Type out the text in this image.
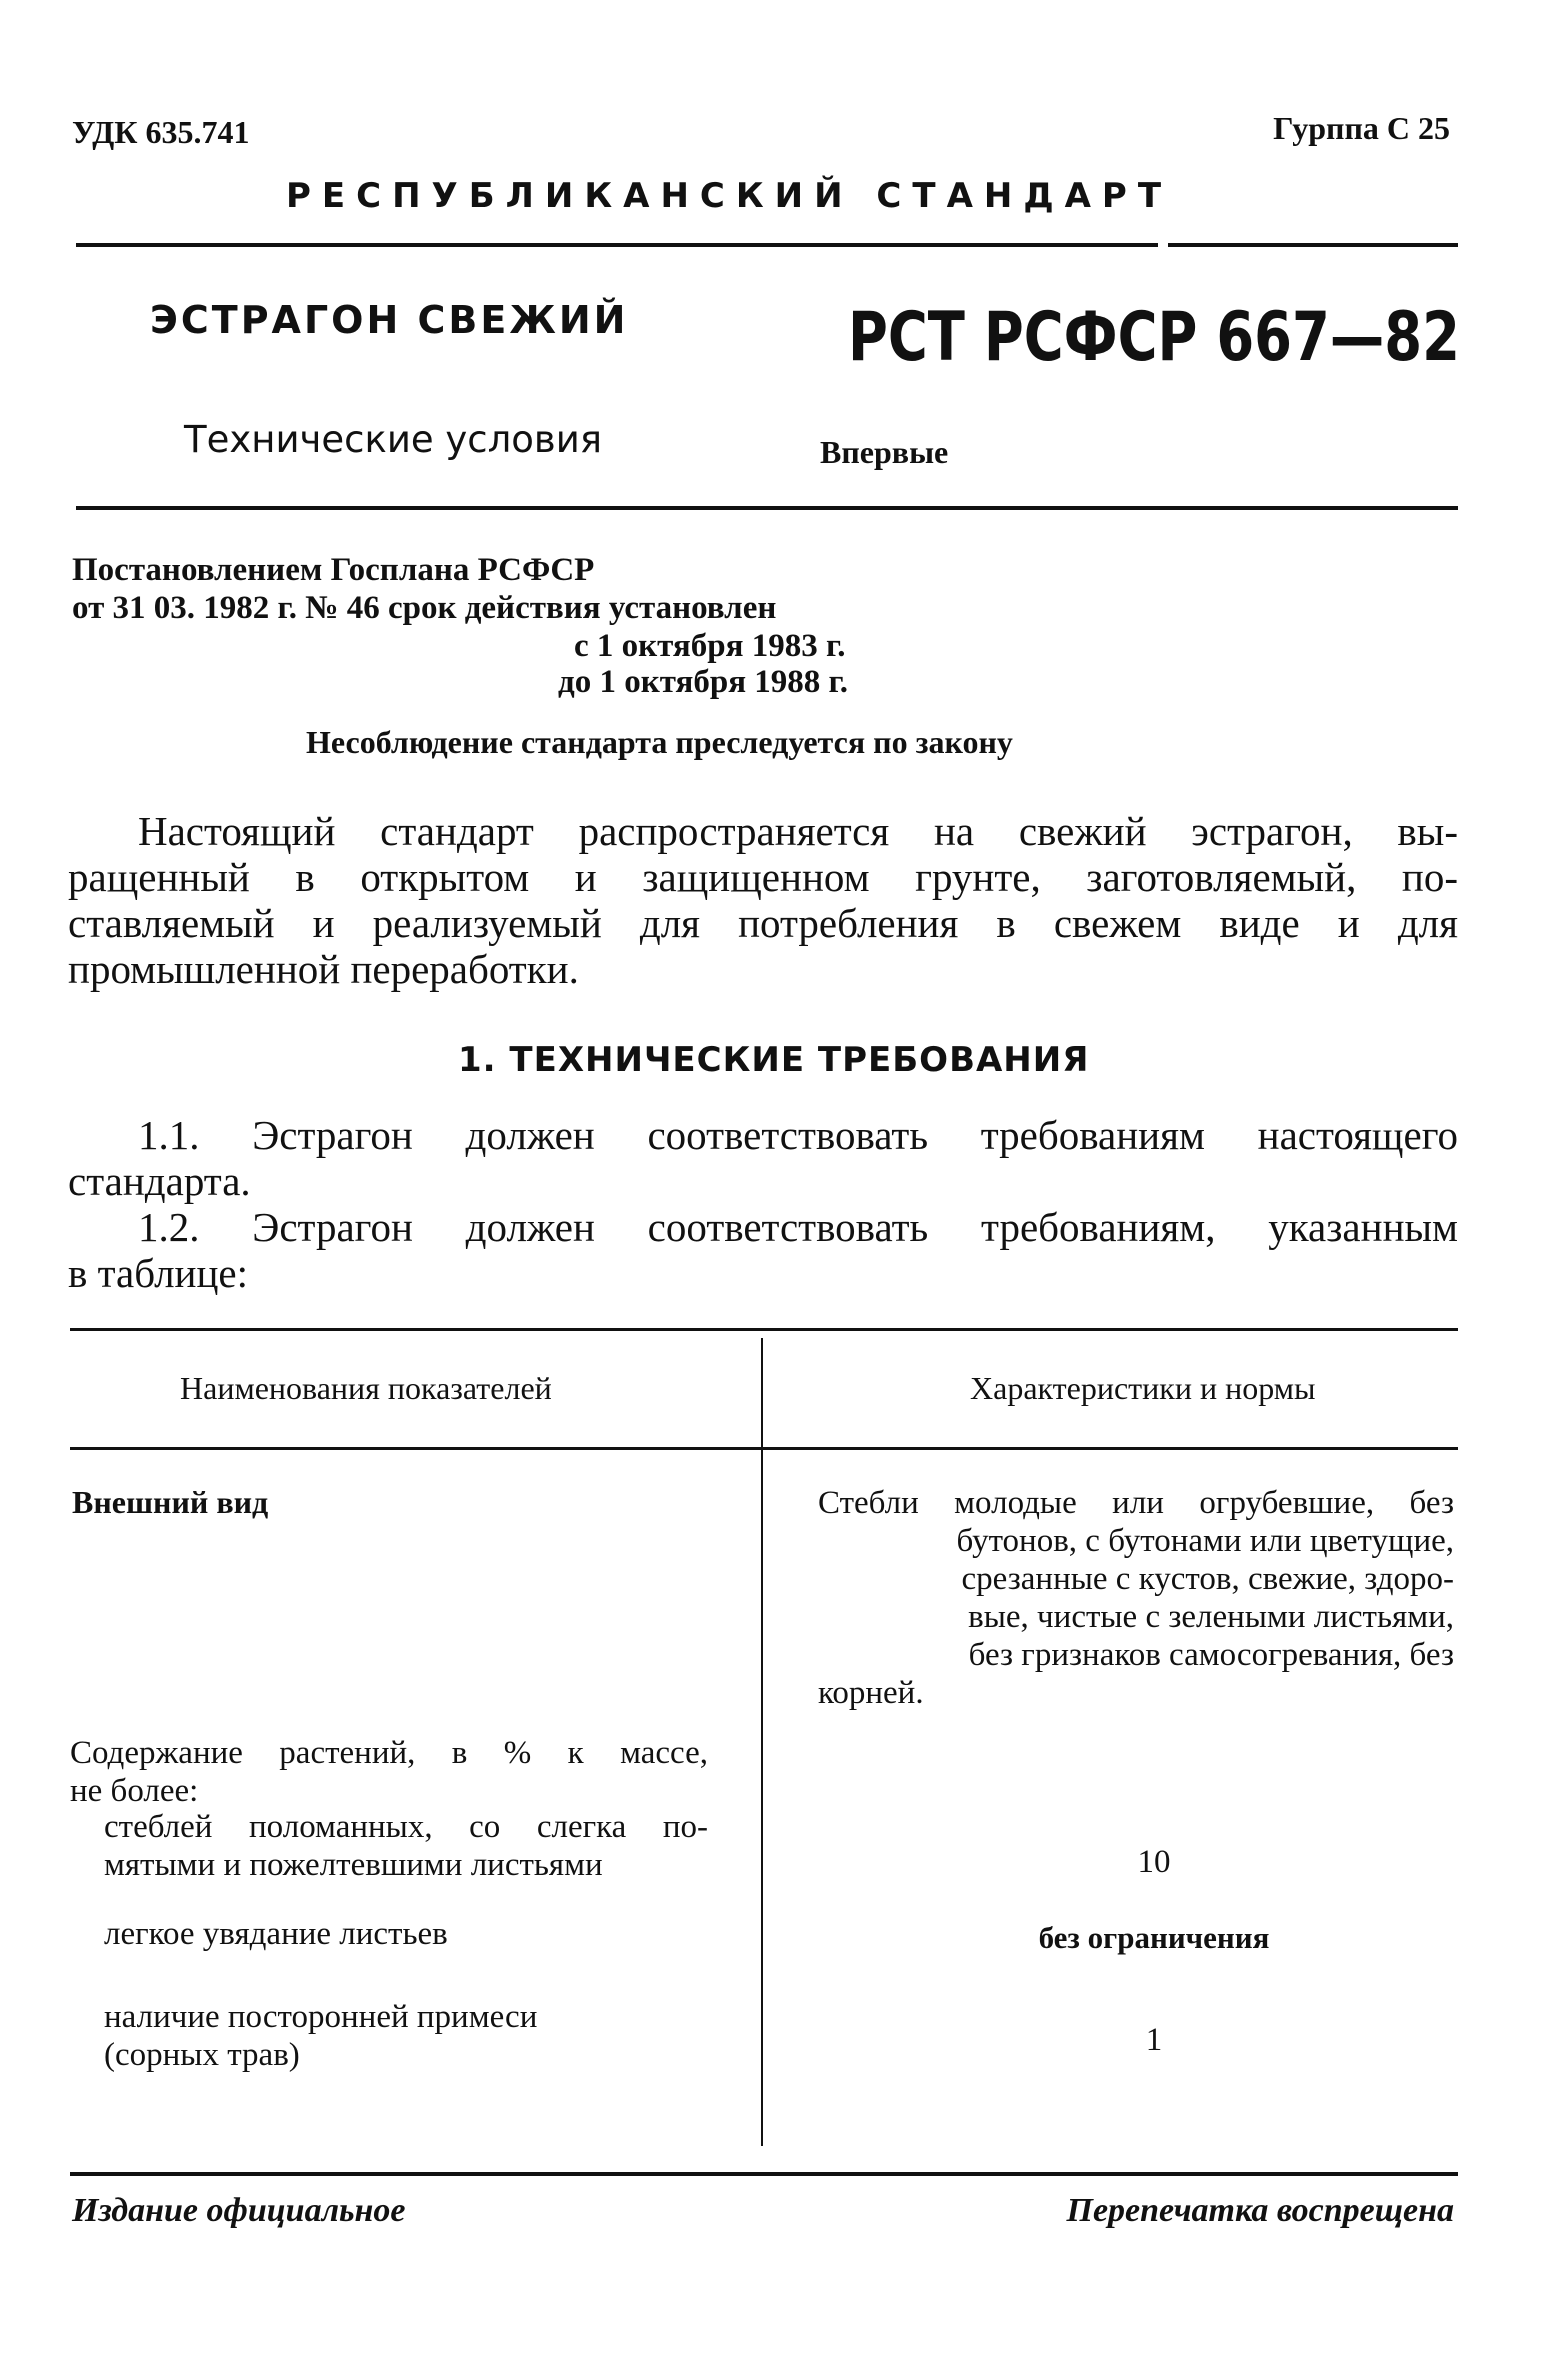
УДК 635.741	Гурппа С 25
РЕСПУБЛИКАНСКИЙ СТАНДАРТ
ЭСТРАГОН СВЕЖИЙ	РСТ РСФСР 667—82
Технические условия	Впервые
Постановлением Госплана РСФСР
от 31 03. 1982 г. № 46 срок действия установлен
с 1 октября 1983 г.
до 1 октября 1988 г.
Несоблюдение стандарта преследуется по закону
Настоящий стандарт распространяется на свежий эстрагон, вы-
ращенный в открытом и защищенном грунте, заготовляемый, по-
ставляемый и реализуемый для потребления в свежем виде и для
промышленной переработки.
1. ТЕХНИЧЕСКИЕ ТРЕБОВАНИЯ
1.1. Эстрагон должен соответствовать требованиям настоящего
стандарта.
1.2. Эстрагон должен соответствовать требованиям, указанным
в таблице:
Наименования показателей	Характеристики и нормы
Внешний вид	Стебли молодые или огрубевшие, без
бутонов, с бутонами или цветущие,
срезанные с кустов, свежие, здоро-
вые, чистые с зелеными листьями,
без гризнаков самосогревания, без
корней.
Содержание растений, в % к массе,
не более:
стеблей поломанных, со слегка по-
мятыми и пожелтевшими листьями	10
легкое увядание листьев	без ограничения
наличие посторонней примеси
(сорных трав)	1
Издание официальное	Перепечатка воспрещена
